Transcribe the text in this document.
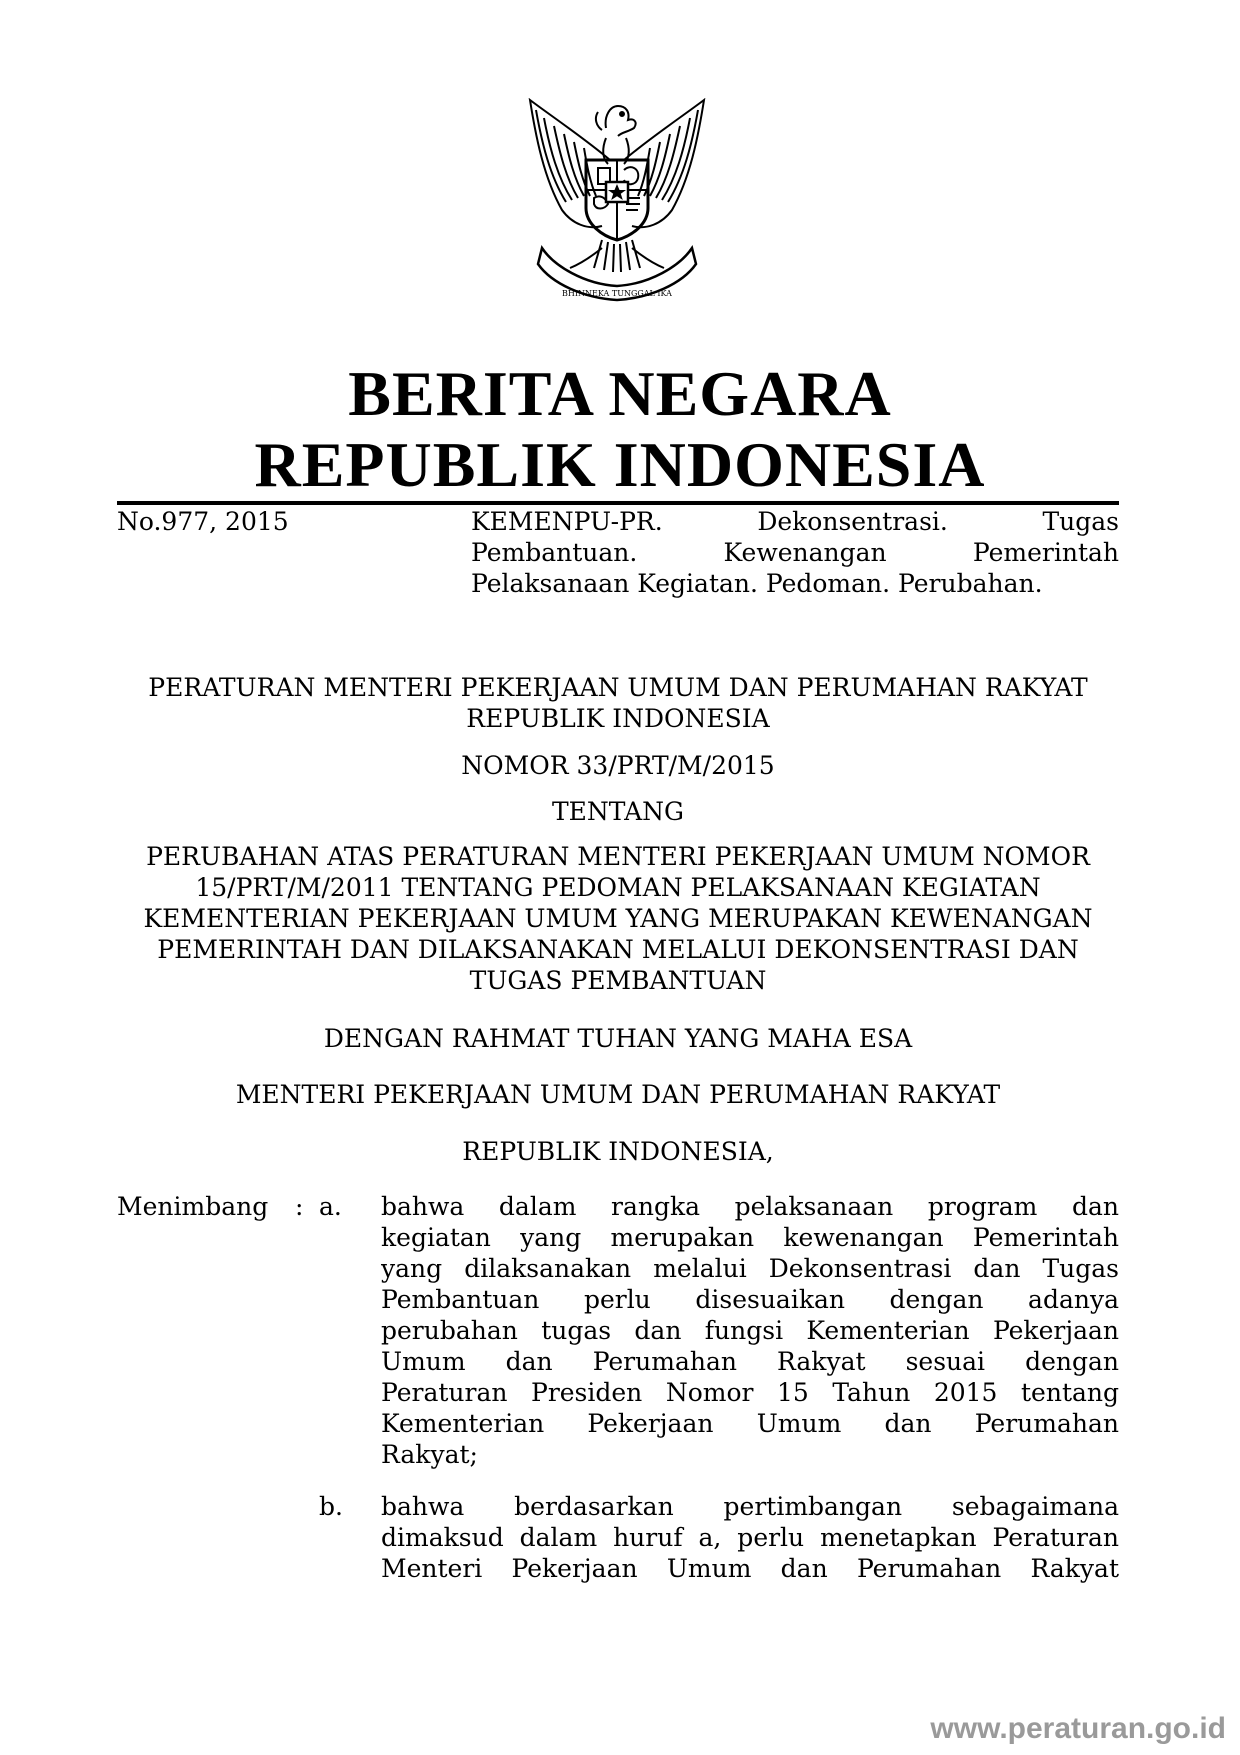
BHINNEKA TUNGGAL IKA
BERITA NEGARA
REPUBLIK INDONESIA
No.977, 2015	KEMENPU-PR. Dekonsentrasi. Tugas
Pembantuan. Kewenangan Pemerintah
Pelaksanaan Kegiatan. Pedoman. Perubahan.
PERATURAN MENTERI PEKERJAAN UMUM DAN PERUMAHAN RAKYAT
REPUBLIK INDONESIA
NOMOR 33/PRT/M/2015
TENTANG
PERUBAHAN ATAS PERATURAN MENTERI PEKERJAAN UMUM NOMOR
15/PRT/M/2011 TENTANG PEDOMAN PELAKSANAAN KEGIATAN
KEMENTERIAN PEKERJAAN UMUM YANG MERUPAKAN KEWENANGAN
PEMERINTAH DAN DILAKSANAKAN MELALUI DEKONSENTRASI DAN
TUGAS PEMBANTUAN
DENGAN RAHMAT TUHAN YANG MAHA ESA
MENTERI PEKERJAAN UMUM DAN PERUMAHAN RAKYAT
REPUBLIK INDONESIA,
Menimbang : a. bahwa dalam rangka pelaksanaan program dan
kegiatan yang merupakan kewenangan Pemerintah
yang dilaksanakan melalui Dekonsentrasi dan Tugas
Pembantuan perlu disesuaikan dengan adanya
perubahan tugas dan fungsi Kementerian Pekerjaan
Umum dan Perumahan Rakyat sesuai dengan
Peraturan Presiden Nomor 15 Tahun 2015 tentang
Kementerian Pekerjaan Umum dan Perumahan
Rakyat;
b. bahwa berdasarkan pertimbangan sebagaimana
dimaksud dalam huruf a, perlu menetapkan Peraturan
Menteri Pekerjaan Umum dan Perumahan Rakyat
www.peraturan.go.id
